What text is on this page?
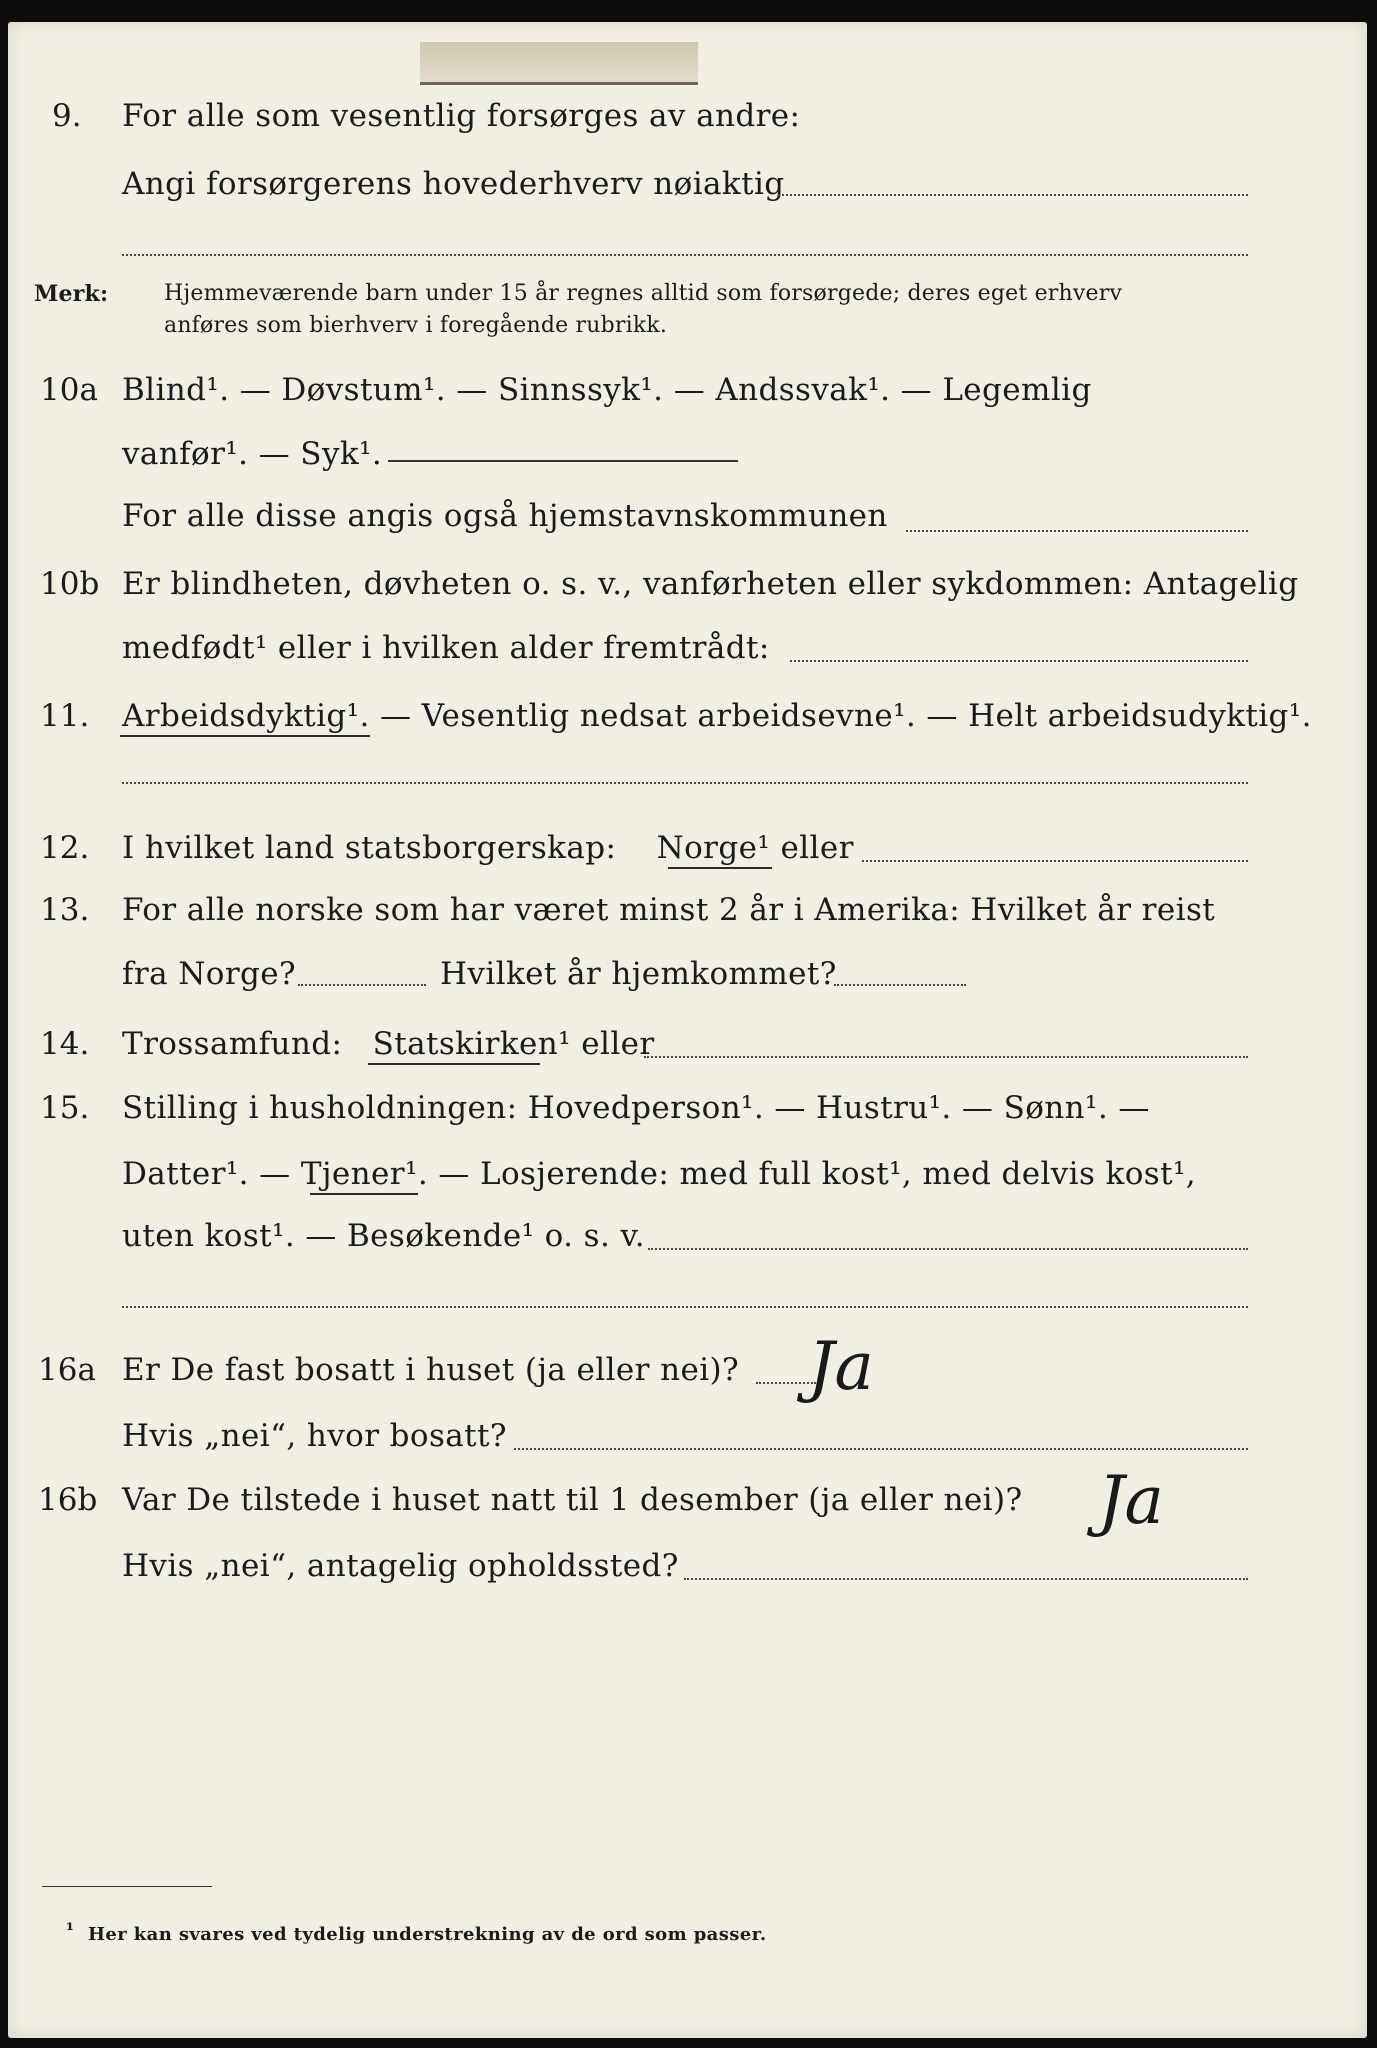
9. For alle som vesentlig forsørges av andre:
Angi forsørgerens hovederhverv nøiaktig
Merk:	Hjemmeværende barn under 15 år regnes alltid som forsørgede; deres eget erhverv
anføres som bierhverv i foregående rubrikk.
10a Blind¹. — Døvstum¹. — Sinnssyk¹. — Andssvak¹. — Legemlig
vanfør¹. — Syk¹.
For alle disse angis også hjemstavnskommunen
10b Er blindheten, døvheten o. s. v., vanførheten eller sykdommen: Antagelig
medfødt¹ eller i hvilken alder fremtrådt:
11. Arbeidsdyktig¹. — Vesentlig nedsat arbeidsevne¹. — Helt arbeidsudyktig¹.
12. I hvilket land statsborgerskap: Norge¹ eller
13. For alle norske som har været minst 2 år i Amerika: Hvilket år reist
fra Norge?	Hvilket år hjemkommet?
14. Trossamfund: Statskirken¹ eller
15. Stilling i husholdningen: Hovedperson¹. — Hustru¹. — Sønn¹. —
Datter¹. — Tjener¹. — Losjerende: med full kost¹, med delvis kost¹,
uten kost¹. — Besøkende¹ o. s. v.
16a Er De fast bosatt i huset (ja eller nei)? Ja
Hvis „nei“, hvor bosatt?
16b Var De tilstede i huset natt til 1 desember (ja eller nei)? Ja
Hvis „nei“, antagelig opholdssted?
¹ Her kan svares ved tydelig understrekning av de ord som passer.
